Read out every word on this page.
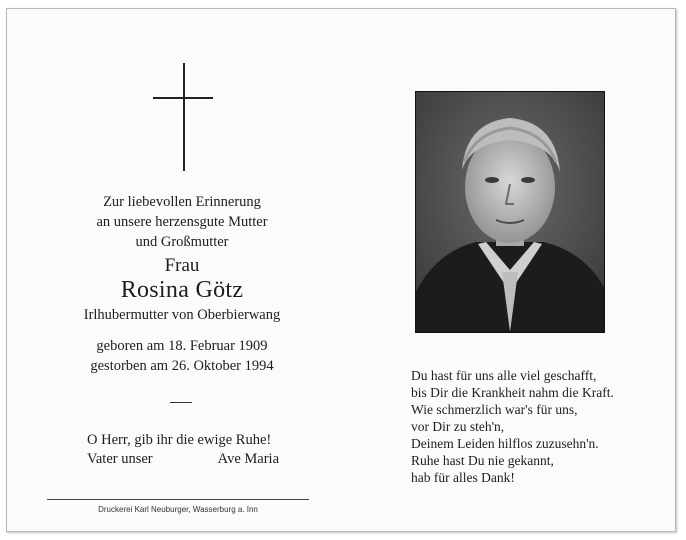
Zur liebevollen Erinnerung
an unsere herzensgute Mutter
und Großmutter
Frau
Rosina Götz
Irlhubermutter von Oberbierwang
geboren am 18. Februar 1909
gestorben am 26. Oktober 1994
O Herr, gib ihr die ewige Ruhe!
Vater unser	Ave Maria
Druckerei Karl Neuburger, Wasserburg a. Inn
Du hast für uns alle viel geschafft,
bis Dir die Krankheit nahm die Kraft.
Wie schmerzlich war's für uns,
vor Dir zu steh'n,
Deinem Leiden hilflos zuzusehn'n.
Ruhe hast Du nie gekannt,
hab für alles Dank!
